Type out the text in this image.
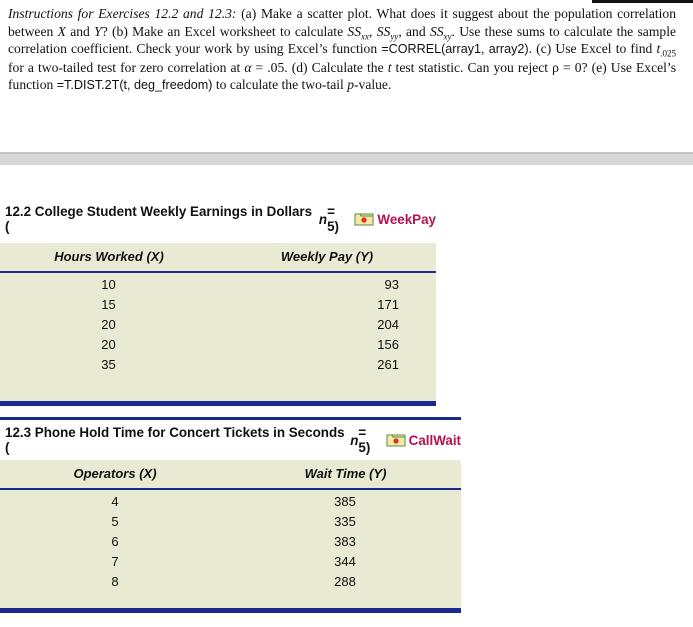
Instructions for Exercises 12.2 and 12.3: (a) Make a scatter plot. What does it suggest about the population correlation between X and Y? (b) Make an Excel worksheet to calculate $SS_{xx}$, $SS_{yy}$, and $SS_{xy}$. Use these sums to calculate the sample correlation coefficient. Check your work by using Excel’s function =CORREL(array1, array2). (c) Use Excel to find $t_{.025}$ for a two-tailed test for zero correlation at α = .05. (d) Calculate the t test statistic. Can you reject ρ = 0? (e) Use Excel’s function =T.DIST.2T(t, deg_freedom) to calculate the two-tail p-value.
12.2 College Student Weekly Earnings in Dollars (	n = 5)	WeekPay
Hours Worked (X)	Weekly Pay (Y)
10	93
15	171
20	204
20	156
35	261
12.3 Phone Hold Time for Concert Tickets in Seconds (	n = 5)	CallWait
Operators (X)	Wait Time (Y)
4	385
5	335
6	383
7	344
8	288
